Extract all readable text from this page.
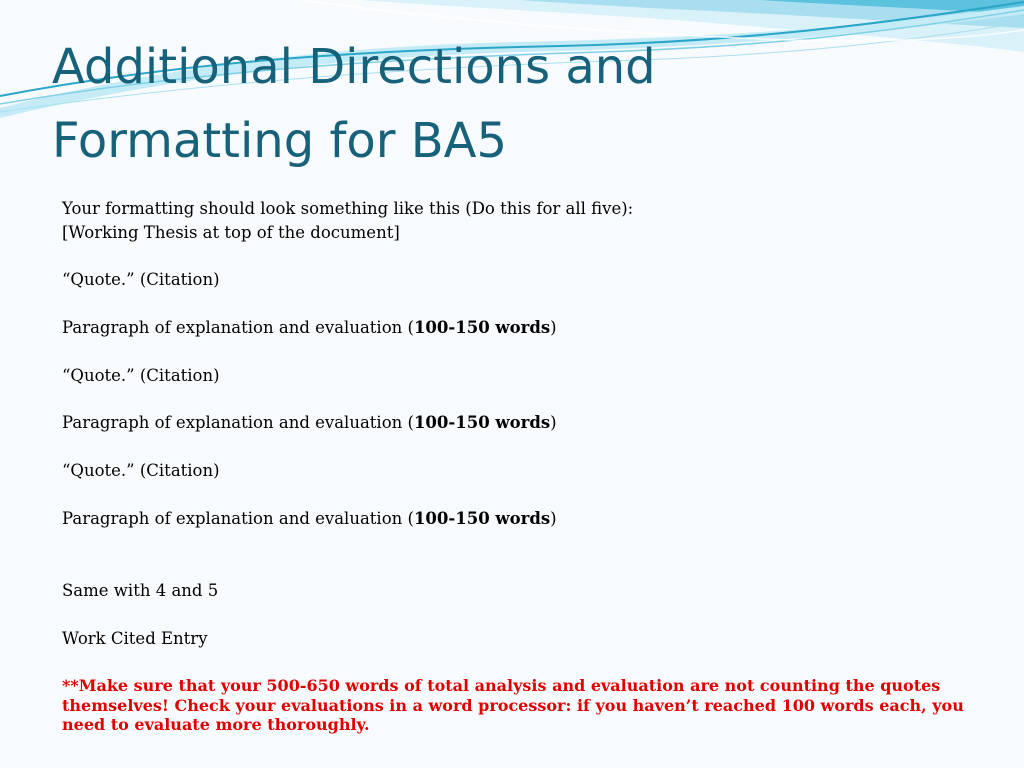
Additional Directions and
Formatting for BA5
Your formatting should look something like this (Do this for all five):
[Working Thesis at top of the document]
“Quote.” (Citation)
Paragraph of explanation and evaluation (100-150 words)
“Quote.” (Citation)
Paragraph of explanation and evaluation (100-150 words)
“Quote.” (Citation)
Paragraph of explanation and evaluation (100-150 words)
Same with 4 and 5
Work Cited Entry
**Make sure that your 500-650 words of total analysis and evaluation are not counting the quotes themselves! Check your evaluations in a word processor: if you haven’t reached 100 words each, you need to evaluate more thoroughly.
